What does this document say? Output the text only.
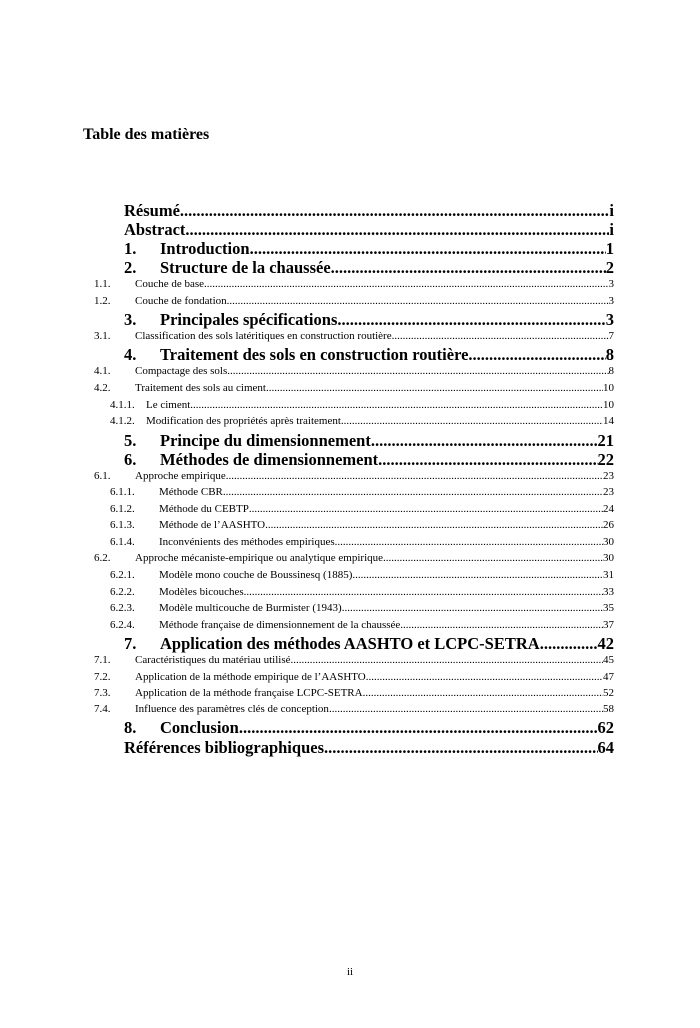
Table des matières
Résumé .....	i
Abstract .....	i
1.	Introduction .....	1
2.	Structure de la chaussée .....	2
1.1.	Couche de base .....	3
1.2.	Couche de fondation .....	3
3.	Principales spécifications .....	3
3.1.	Classification des sols latéritiques en construction routière .....	7
4.	Traitement des sols en construction routière .....	8
4.1.	Compactage des sols .....	8
4.2.	Traitement des sols au ciment .....	10
4.1.1.	Le ciment .....	10
4.1.2.	Modification des propriétés après traitement .....	14
5.	Principe du dimensionnement .....	21
6.	Méthodes de dimensionnement .....	22
6.1.	Approche empirique .....	23
6.1.1.	Méthode CBR .....	23
6.1.2.	Méthode du CEBTP .....	24
6.1.3.	Méthode de l’AASHTO .....	26
6.1.4.	Inconvénients des méthodes empiriques .....	30
6.2.	Approche mécaniste-empirique ou analytique empirique .....	30
6.2.1.	Modèle mono couche de Boussinesq (1885) .....	31
6.2.2.	Modèles bicouches .....	33
6.2.3.	Modèle multicouche de Burmister (1943) .....	35
6.2.4.	Méthode française de dimensionnement de la chaussée .....	37
7.	Application des méthodes AASHTO et LCPC-SETRA .....	42
7.1.	Caractéristiques du matériau utilisé .....	45
7.2.	Application de la méthode empirique de l’AASHTO .....	47
7.3.	Application de la méthode française LCPC-SETRA .....	52
7.4.	Influence des paramètres clés de conception .....	58
8.	Conclusion .....	62
Références bibliographiques .....	64
ii
